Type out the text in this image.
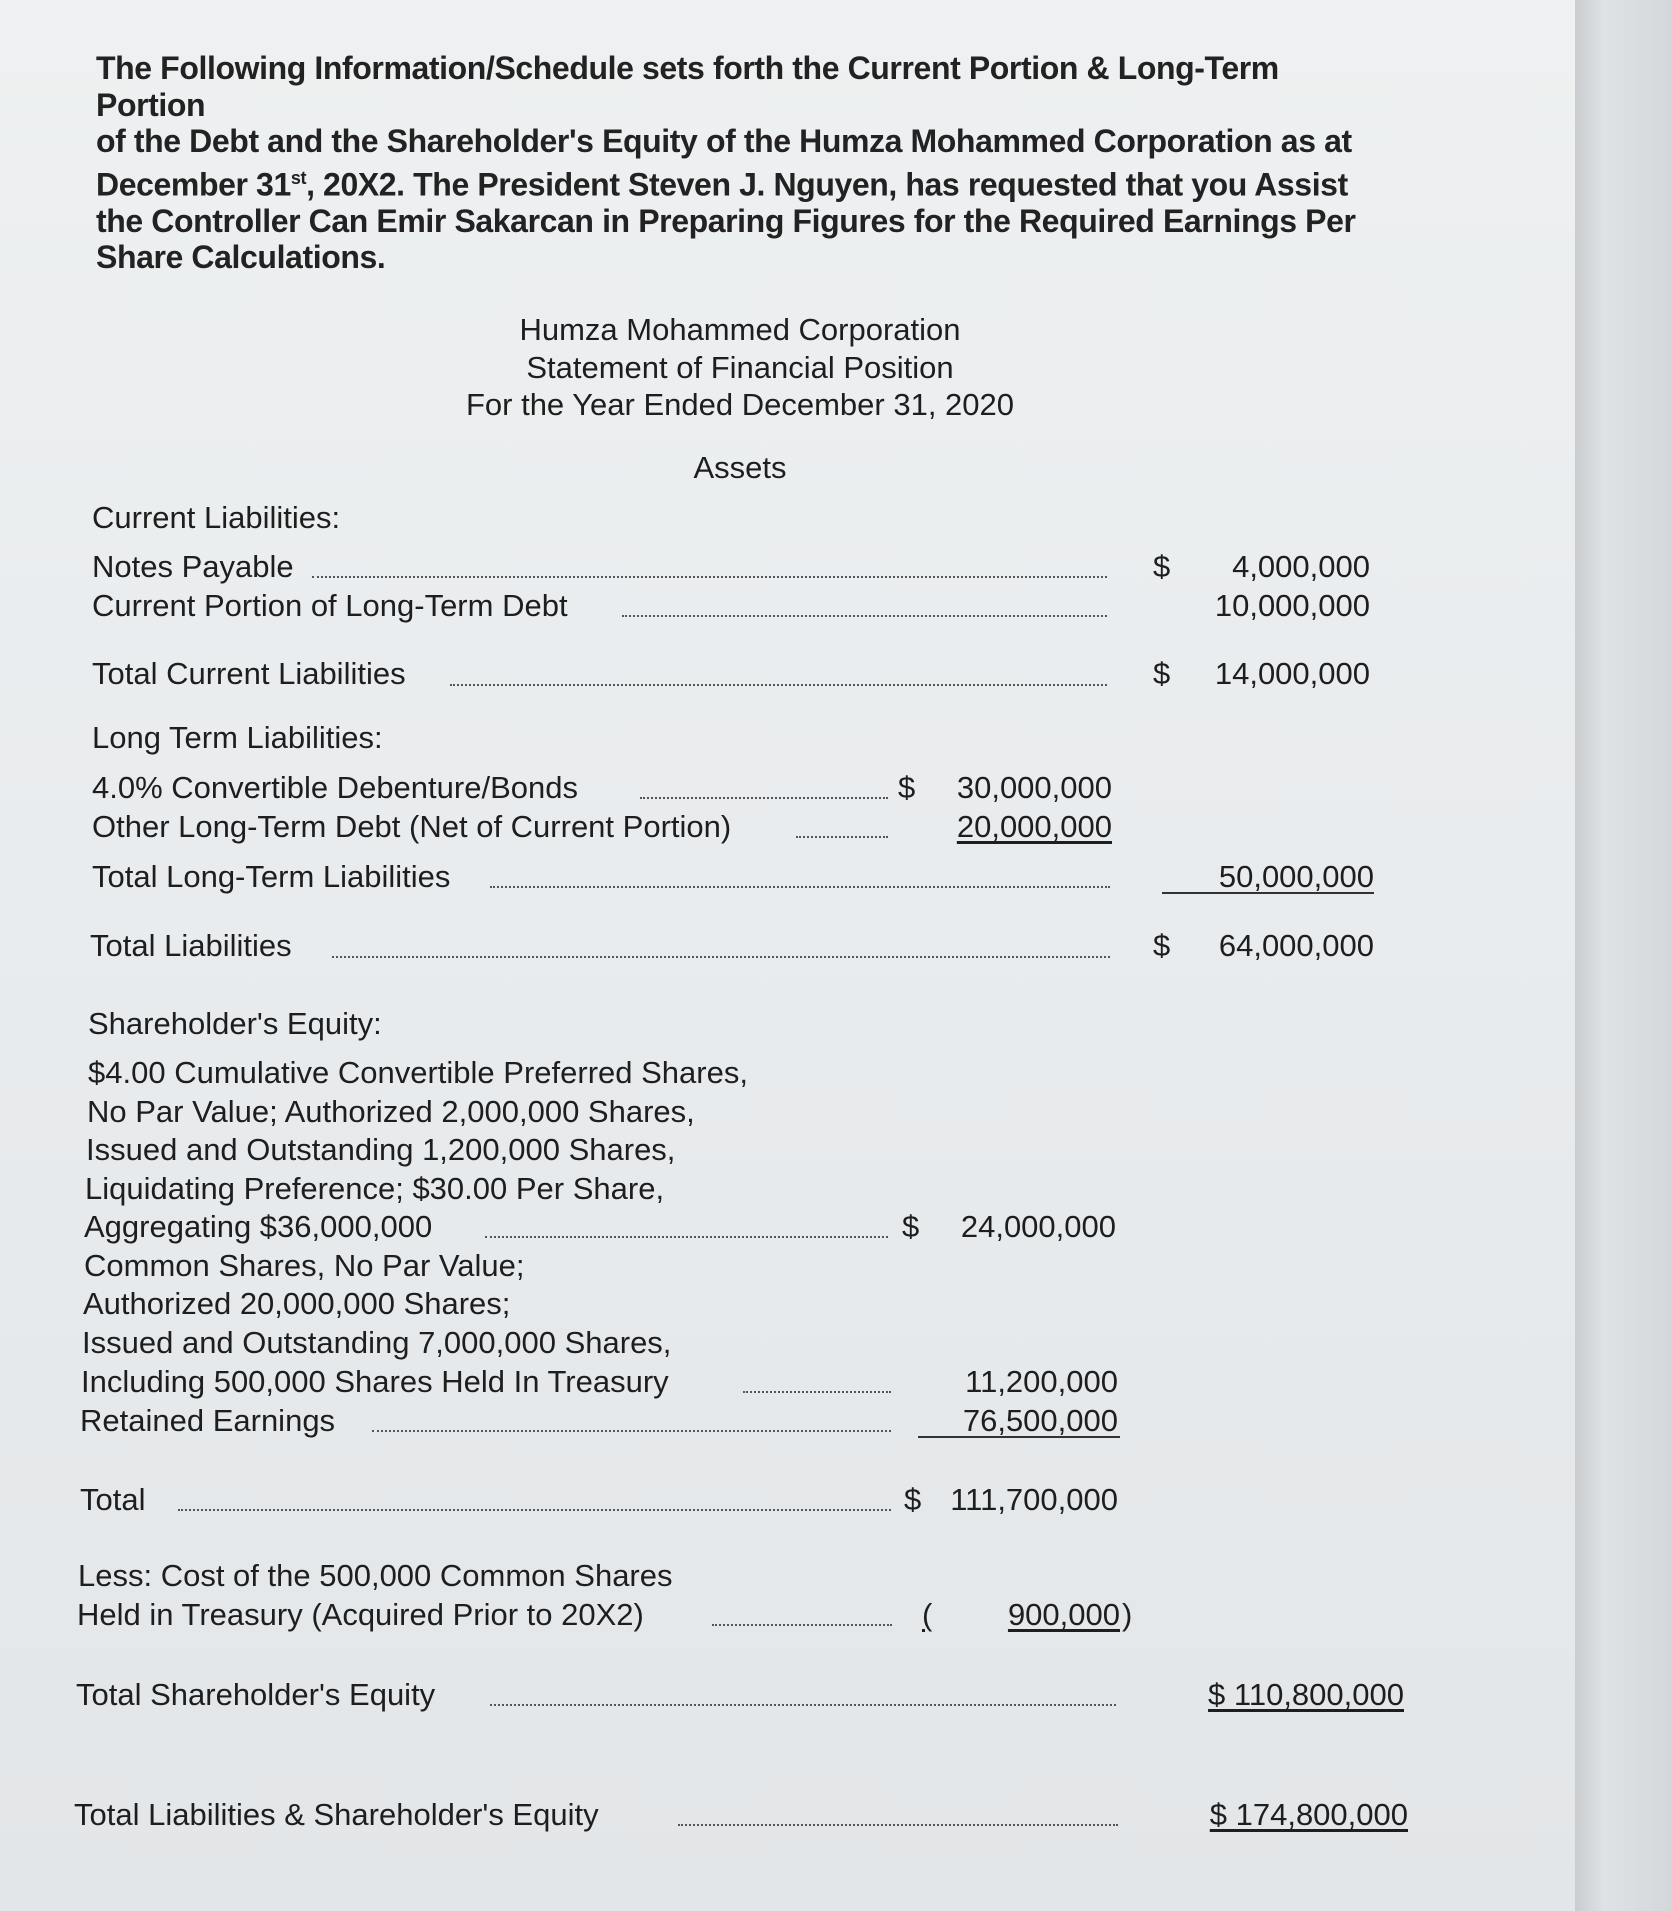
The Following Information/Schedule sets forth the Current Portion & Long-Term Portion
of the Debt and the Shareholder's Equity of the Humza Mohammed Corporation as at
December 31st, 20X2. The President Steven J. Nguyen, has requested that you Assist
the Controller Can Emir Sakarcan in Preparing Figures for the Required Earnings Per
Share Calculations.
Humza Mohammed Corporation
Statement of Financial Position
For the Year Ended December 31, 2020
Assets
Current Liabilities:
Notes Payable	$	4,000,000
Current Portion of Long-Term Debt	10,000,000
Total Current Liabilities	$	14,000,000
Long Term Liabilities:
4.0% Convertible Debenture/Bonds	$	30,000,000
Other Long-Term Debt (Net of Current Portion)	20,000,000
Total Long-Term Liabilities	50,000,000
Total Liabilities	$	64,000,000
Shareholder's Equity:
$4.00 Cumulative Convertible Preferred Shares,
No Par Value; Authorized 2,000,000 Shares,
Issued and Outstanding 1,200,000 Shares,
Liquidating Preference; $30.00 Per Share,
Aggregating $36,000,000	$	24,000,000
Common Shares, No Par Value;
Authorized 20,000,000 Shares;
Issued and Outstanding 7,000,000 Shares,
Including 500,000 Shares Held In Treasury	11,200,000
Retained Earnings	76,500,000
Total	$ 111,700,000
Less: Cost of the 500,000 Common Shares
Held in Treasury (Acquired Prior to 20X2)	(	900,000 )
Total Shareholder's Equity	$ 110,800,000
Total Liabilities & Shareholder's Equity	$ 174,800,000
